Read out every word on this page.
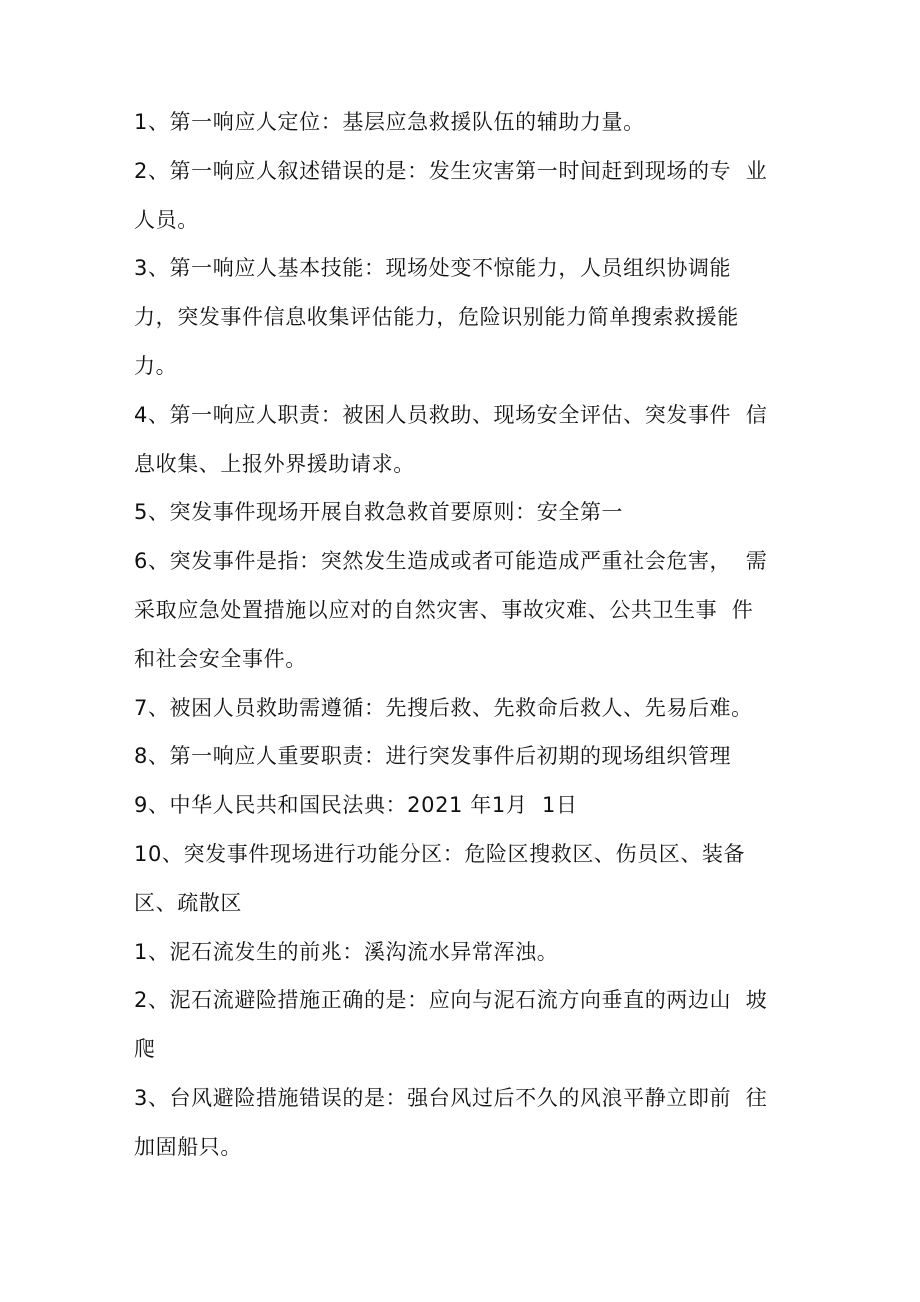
1、第一响应人定位：基层应急救援队伍的辅助力量。
2、第一响应人叙述错误的是：发生灾害第一时间赶到现场的专  业
人员。
3、第一响应人基本技能：现场处变不惊能力，人员组织协调能
力，突发事件信息收集评估能力，危险识别能力简单搜索救援能
力。
4、第一响应人职责：被困人员救助、现场安全评估、突发事件  信
息收集、上报外界援助请求。
5、突发事件现场开展自救急救首要原则：安全第一
6、突发事件是指：突然发生造成或者可能造成严重社会危害，  需
采取应急处置措施以应对的自然灾害、事故灾难、公共卫生事  件
和社会安全事件。
7、被困人员救助需遵循：先搜后救、先救命后救人、先易后难。
8、第一响应人重要职责：进行突发事件后初期的现场组织管理
9、中华人民共和国民法典：2021 年1月  1日
10、突发事件现场进行功能分区：危险区搜救区、伤员区、装备
区、疏散区
1、泥石流发生的前兆：溪沟流水异常浑浊。
2、泥石流避险措施正确的是：应向与泥石流方向垂直的两边山  坡
爬
3、台风避险措施错误的是：强台风过后不久的风浪平静立即前  往
加固船只。
